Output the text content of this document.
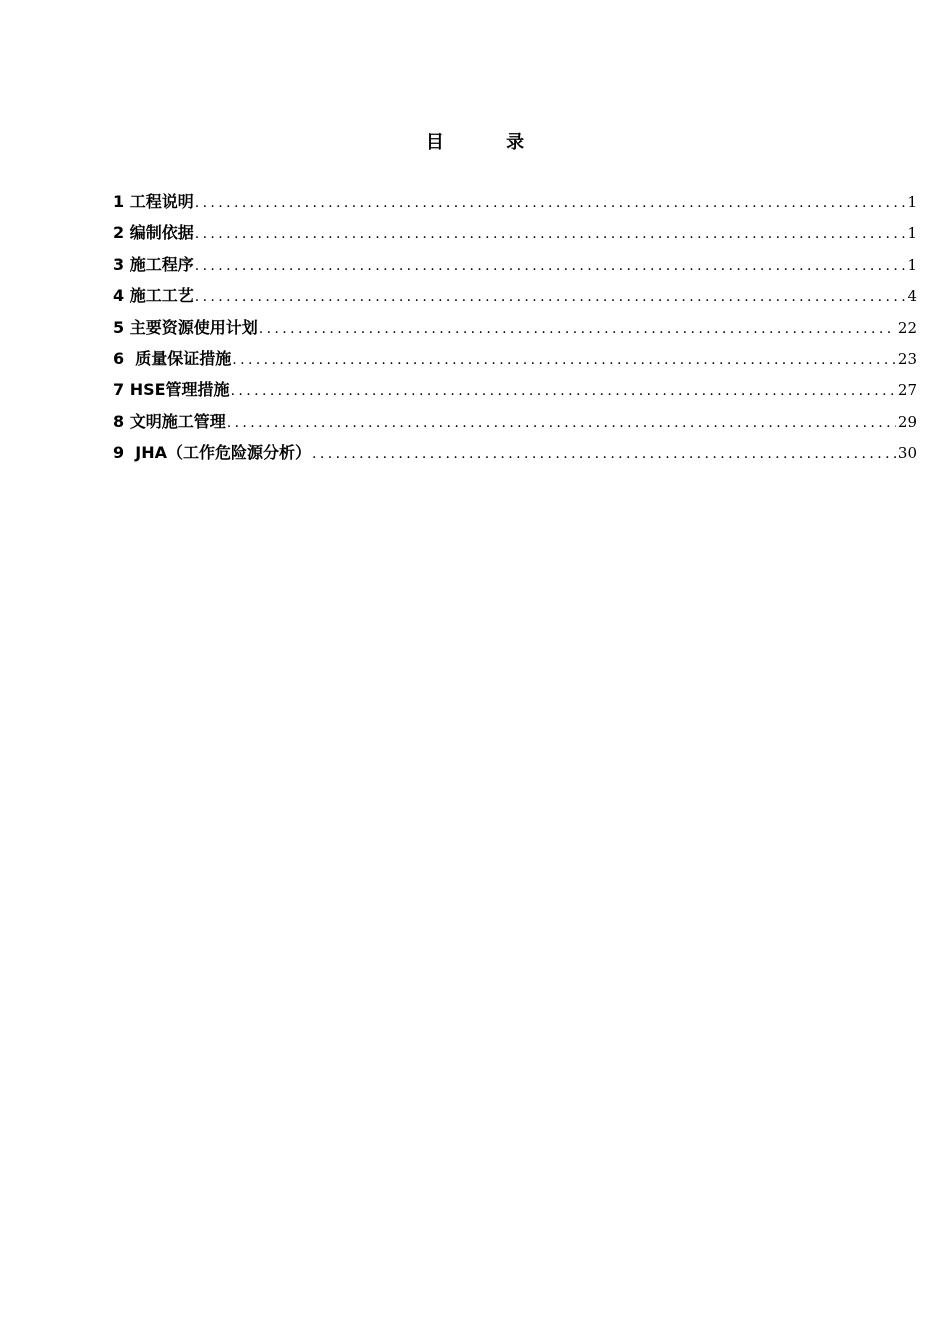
目 录
1 工程说明 .....	1
2 编制依据 .....	1
3 施工程序 .....	1
4 施工工艺 .....	4
5 主要资源使用计划 .....	22
6  质量保证措施 .....	23
7 HSE管理措施 .....	27
8 文明施工管理 .....	29
9  JHA（工作危险源分析） .....	30
